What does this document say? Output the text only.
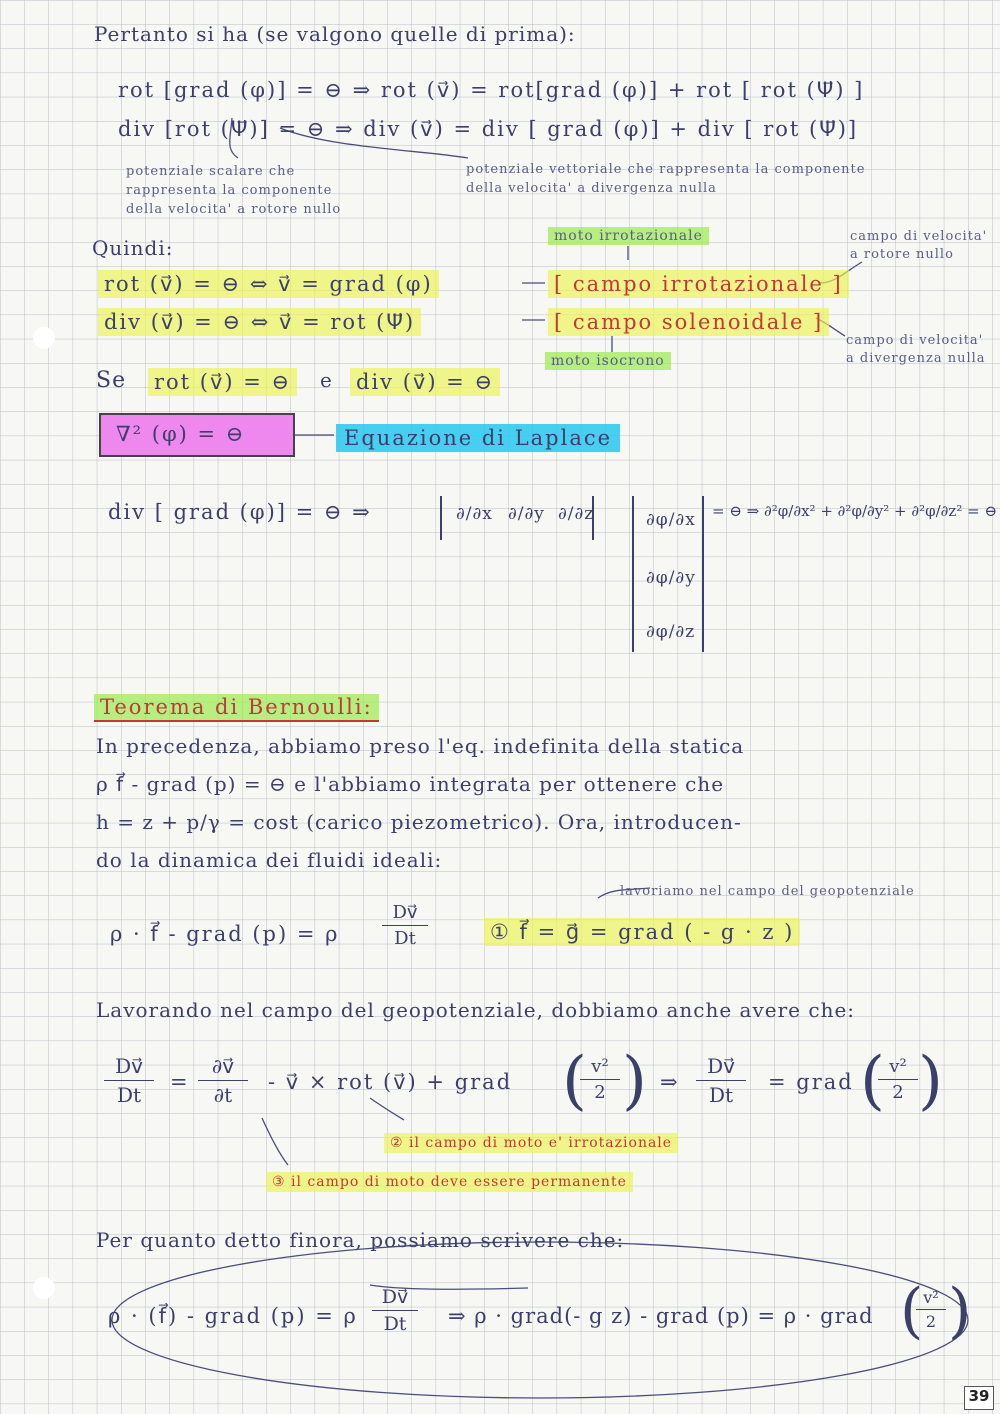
Pertanto si ha (se valgono quelle di prima):
rot [grad (φ)] = ⊖ ⇒ rot (v⃗) = rot[grad (φ)] + rot [ rot (Ψ⃗) ]
div [rot (Ψ⃗)] = ⊖ ⇒ div (v⃗) = div [ grad (φ)] + div [ rot (Ψ⃗)]
potenziale scalare che
rappresenta la componente
della velocita' a rotore nullo
potenziale vettoriale che rappresenta la componente
della velocita' a divergenza nulla
Quindi:	moto irrotazionale	campo di velocita'
a rotore nullo
rot (v⃗) = ⊖ ⇔ v⃗ = grad (φ)	[ campo irrotazionale ]
div (v⃗) = ⊖ ⇔ v⃗ = rot (Ψ⃗)	[ campo solenoidale ]
campo di velocita'
a divergenza nulla
moto isocrono
Se rot (v⃗) = ⊖	e div (v⃗) = ⊖
∇² (φ) = ⊖	Equazione di Laplace
div [ grad (φ)] = ⊖ ⇒	∂/∂x ∂/∂y ∂/∂z	∂φ/∂x
∂φ/∂y
∂φ/∂z
= ⊖ ⇒ ∂²φ/∂x² + ∂²φ/∂y² + ∂²φ/∂z² = ⊖
Teorema di Bernoulli:
In precedenza, abbiamo preso l'eq. indefinita della statica
ρ f⃗ - grad (p) = ⊖ e l'abbiamo integrata per ottenere che
h = z + p/γ = cost (carico piezometrico). Ora, introducen-
do la dinamica dei fluidi ideali:
lavoriamo nel campo del geopotenziale
ρ · f⃗ - grad (p) = ρ
Dv⃗
Dt	① f⃗ = g⃗ = grad ( - g · z )
Lavorando nel campo del geopotenziale, dobbiamo anche avere che:
Dv⃗
Dt
=
∂v⃗
∂t
- v⃗ × rot (v⃗) + grad ( v²
2 ) ⇒
Dv⃗
Dt
= grad ( v²
2 )
② il campo di moto e' irrotazionale
③ il campo di moto deve essere permanente
Per quanto detto finora, possiamo scrivere che:
ρ · (f⃗) - grad (p) = ρ
Dv⃗
Dt	⇒ ρ · grad(- g z) - grad (p) = ρ · grad (
v²
2 )
39
